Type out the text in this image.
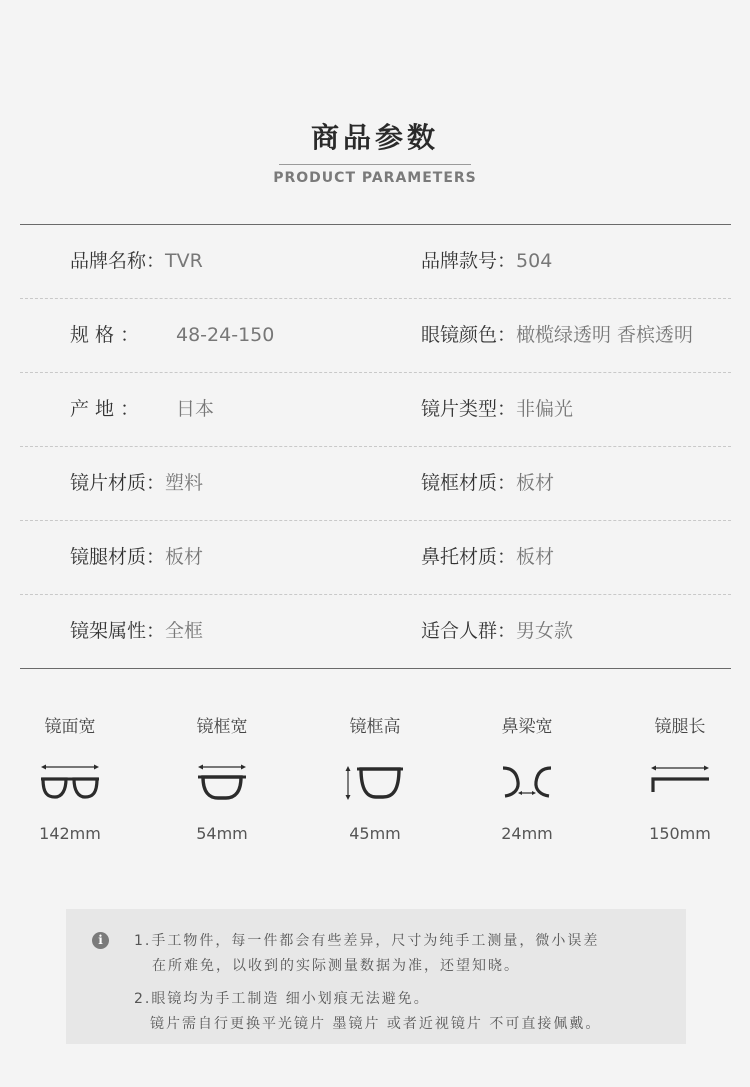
商品参数
PRODUCT PARAMETERS
品牌名称：TVR	品牌款号：504
规 格 ： 48-24-150	眼镜颜色：橄榄绿透明 香槟透明
产 地 ： 日本	镜片类型：非偏光
镜片材质：塑料	镜框材质：板材
镜腿材质：板材	鼻托材质：板材
镜架属性：全框	适合人群：男女款
镜面宽
142mm
镜框宽
54mm
镜框高
45mm
鼻梁宽
24mm
镜腿长
150mm
i	1.手工物件，每一件都会有些差异，尺寸为纯手工测量，微小误差
在所难免，以收到的实际测量数据为准，还望知晓。
2.眼镜均为手工制造 细小划痕无法避免。
镜片需自行更换平光镜片 墨镜片 或者近视镜片 不可直接佩戴。
